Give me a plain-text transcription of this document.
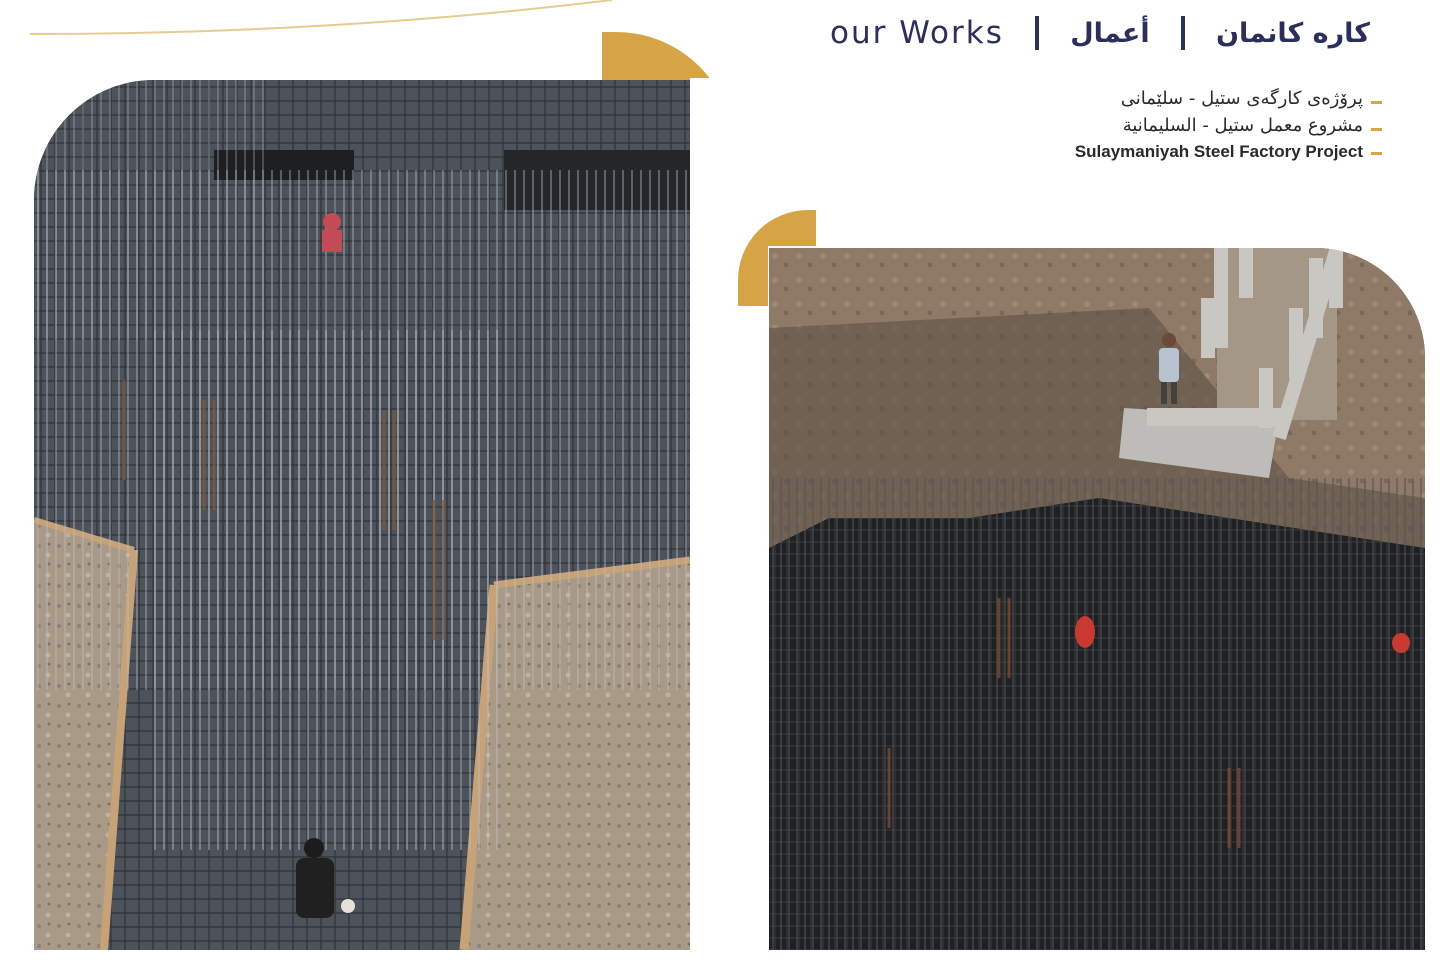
our Works أعمال كاره كانمان
پرۆژەی کارگەی ستیل - سلێمانی
مشروع معمل ستيل - السليمانية
Sulaymaniyah Steel Factory Project
